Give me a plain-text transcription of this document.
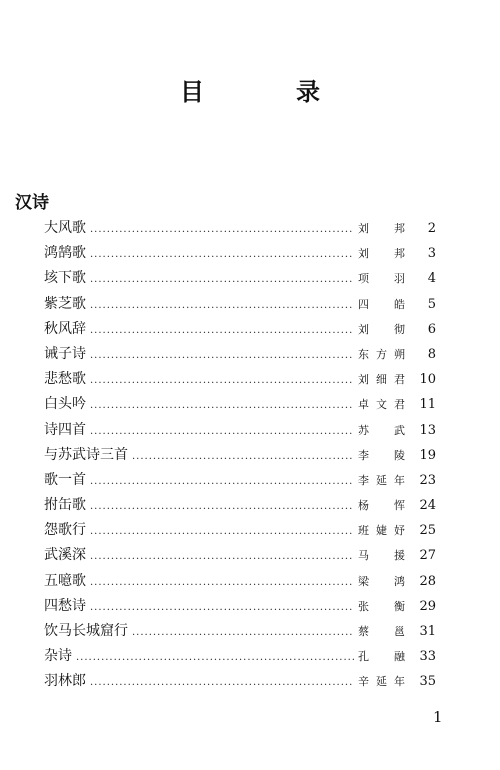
目　录
汉诗
大风歌 .....	刘　邦	2
鸿鹄歌 .....	刘　邦	3
垓下歌 .....	项　羽	4
紫芝歌 .....	四　皓	5
秋风辞 .....	刘　彻	6
诫子诗 .....	东方朔	8
悲愁歌 .....	刘细君	10
白头吟 .....	卓文君	11
诗四首 .....	苏　武	13
与苏武诗三首 .....	李　陵	19
歌一首 .....	李延年	23
拊缶歌 .....	杨　恽	24
怨歌行 .....	班婕妤	25
武溪深 .....	马　援	27
五噫歌 .....	梁　鸿	28
四愁诗 .....	张　衡	29
饮马长城窟行 .....	蔡　邕	31
杂诗 .....	孔　融	33
羽林郎 .....	辛延年	35
1
